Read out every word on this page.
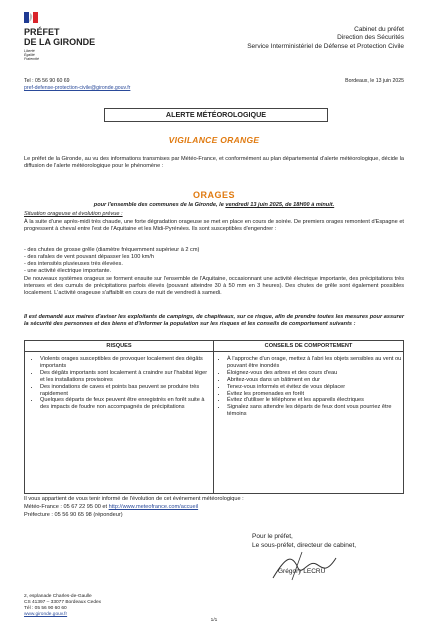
PRÉFET
DE LA GIRONDE
Liberté
Égalité
Fraternité
Cabinet du préfet
Direction des Sécurités
Service Interministériel de Défense et Protection Civile
Tel : 05 56 90 60 69
pref-defense-protection-civile@gironde.gouv.fr
Bordeaux, le 13 juin 2025
ALERTE MÉTÉOROLOGIQUE
VIGILANCE ORANGE
Le préfet de la Gironde, au vu des informations transmises par Météo-France, et conformément au plan départemental d'alerte météorologique, décide la diffusion de l'alerte météorologique pour le phénomène :
ORAGES
pour l'ensemble des communes de la Gironde, le vendredi 13 juin 2025, de 18H00 à minuit.
Situation orageuse et évolution prévue :
À la suite d'une après-midi très chaude, une forte dégradation orageuse se met en place en cours de soirée. De premiers orages remontent d'Espagne et progressent à cheval entre l'est de l'Aquitaine et les Midi-Pyrénées. Ils sont susceptibles d'engendrer :
- des chutes de grosse grêle (diamètre fréquemment supérieur à 2 cm)
- des rafales de vent pouvant dépasser les 100 km/h
- des intensités pluvieuses très élevées.
- une activité électrique importante.
De nouveaux systèmes orageux se forment ensuite sur l'ensemble de l'Aquitaine, occasionnant une activité électrique importante, des précipitations très intenses et des cumuls de précipitations parfois élevés (pouvant atteindre 30 à 50 mm en 3 heures). Des chutes de grêle sont également possibles localement. L'activité orageuse s'affaiblit en cours de nuit de vendredi à samedi.
Il est demandé aux maires d'aviser les exploitants de campings, de chapiteaux, sur ce risque, afin de prendre toutes les mesures pour assurer la sécurité des personnes et des biens et d'informer la population sur les risques et les conseils de comportement suivants :
RISQUES	CONSEILS DE COMPORTEMENT
• Violents orages susceptibles de provoquer localement des dégâts importants
• Des dégâts importants sont localement à craindre sur l'habitat léger et les installations provisoires
• Des inondations de caves et points bas peuvent se produire très rapidement
• Quelques départs de feux peuvent être enregistrés en forêt suite à des impacts de foudre non accompagnés de précipitations
• À l'approche d'un orage, mettez à l'abri les objets sensibles au vent ou pouvant être inondés
• Éloignez-vous des arbres et des cours d'eau
• Abritez-vous dans un bâtiment en dur
• Tenez-vous informés et évitez de vous déplacer
• Évitez les promenades en forêt
• Évitez d'utiliser le téléphone et les appareils électriques
• Signalez sans attendre les départs de feux dont vous pourriez être témoins
Il vous appartient de vous tenir informé de l'évolution de cet événement météorologique :
Météo-France : 05 67 22 95 00 et http://www.meteofrance.com/accueil
Préfecture : 05 56 90 65 98 (répondeur)
Pour le préfet,
Le sous-préfet, directeur de cabinet,
Grégory LECRU
2, esplanade Charles-de-Gaulle
CS 41397 – 33077 Bordeaux Cedex
Tél : 05 56 90 60 60
www.gironde.gouv.fr
1/1
